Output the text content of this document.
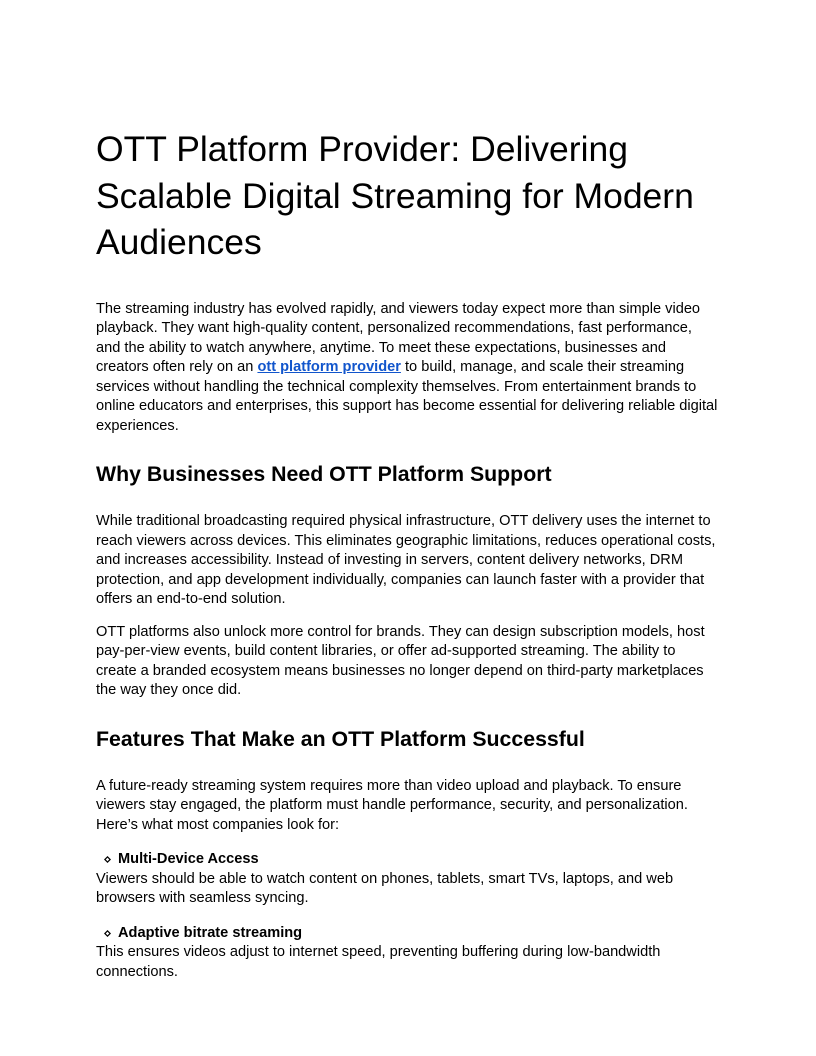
OTT Platform Provider: Delivering Scalable Digital Streaming for Modern Audiences

The streaming industry has evolved rapidly, and viewers today expect more than simple video playback. They want high-quality content, personalized recommendations, fast performance, and the ability to watch anywhere, anytime. To meet these expectations, businesses and creators often rely on an ott platform provider to build, manage, and scale their streaming services without handling the technical complexity themselves. From entertainment brands to online educators and enterprises, this support has become essential for delivering reliable digital experiences.

Why Businesses Need OTT Platform Support

While traditional broadcasting required physical infrastructure, OTT delivery uses the internet to reach viewers across devices. This eliminates geographic limitations, reduces operational costs, and increases accessibility. Instead of investing in servers, content delivery networks, DRM protection, and app development individually, companies can launch faster with a provider that offers an end-to-end solution.

OTT platforms also unlock more control for brands. They can design subscription models, host pay-per-view events, build content libraries, or offer ad-supported streaming. The ability to create a branded ecosystem means businesses no longer depend on third-party marketplaces the way they once did.

Features That Make an OTT Platform Successful

A future-ready streaming system requires more than video upload and playback. To ensure viewers stay engaged, the platform must handle performance, security, and personalization. Here’s what most companies look for:

Multi-Device Access
Viewers should be able to watch content on phones, tablets, smart TVs, laptops, and web browsers with seamless syncing.
Adaptive bitrate streaming
This ensures videos adjust to internet speed, preventing buffering during low-bandwidth connections.
